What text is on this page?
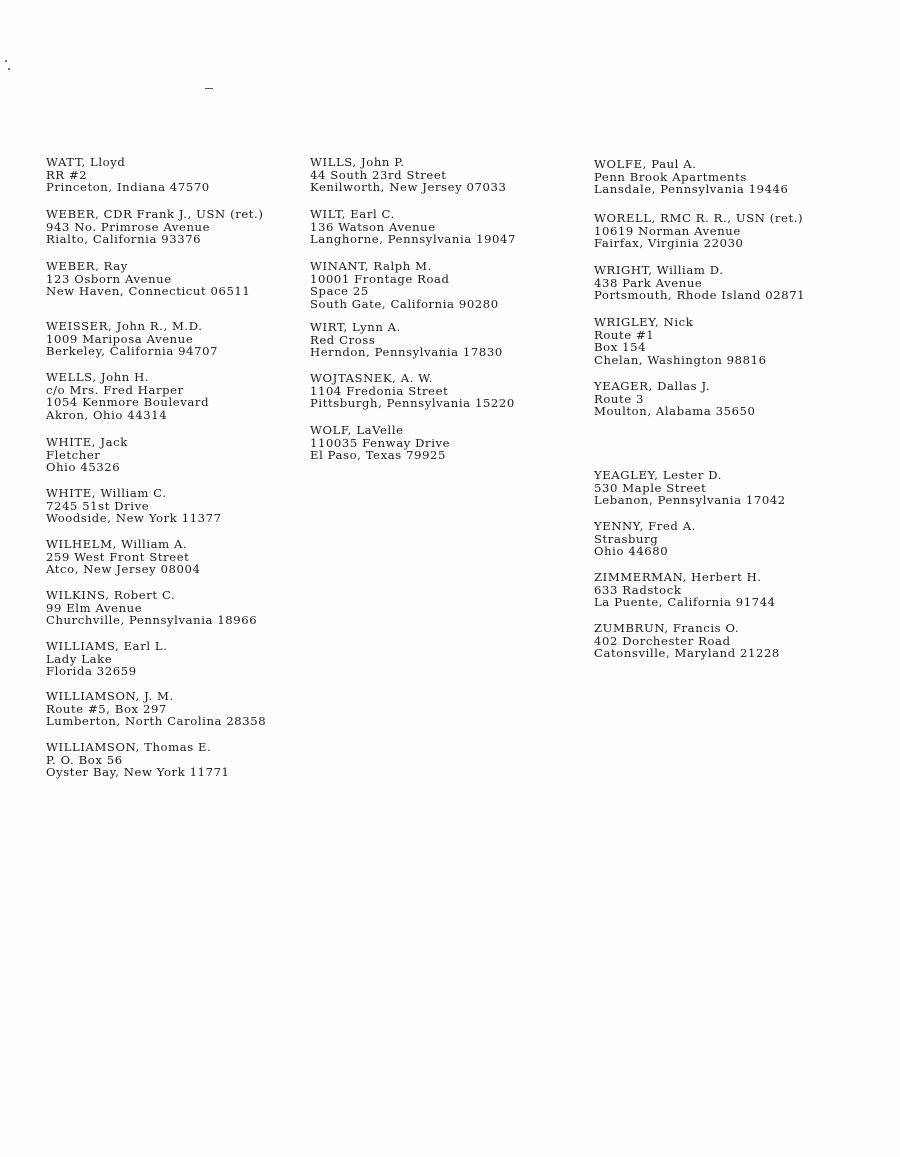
WATT, Lloyd
RR #2
Princeton, Indiana 47570
WEBER, CDR Frank J., USN (ret.)
943 No. Primrose Avenue
Rialto, California 93376
WEBER, Ray
123 Osborn Avenue
New Haven, Connecticut 06511
WEISSER, John R., M.D.
1009 Mariposa Avenue
Berkeley, California 94707
WELLS, John H.
c/o Mrs. Fred Harper
1054 Kenmore Boulevard
Akron, Ohio 44314
WHITE, Jack
Fletcher
Ohio 45326
WHITE, William C.
7245 51st Drive
Woodside, New York 11377
WILHELM, William A.
259 West Front Street
Atco, New Jersey 08004
WILKINS, Robert C.
99 Elm Avenue
Churchville, Pennsylvania 18966
WILLIAMS, Earl L.
Lady Lake
Florida 32659
WILLIAMSON, J. M.
Route #5, Box 297
Lumberton, North Carolina 28358
WILLIAMSON, Thomas E.
P. O. Box 56
Oyster Bay, New York 11771
WILLS, John P.
44 South 23rd Street
Kenilworth, New Jersey 07033
WILT, Earl C.
136 Watson Avenue
Langhorne, Pennsylvania 19047
WINANT, Ralph M.
10001 Frontage Road
Space 25
South Gate, California 90280
WIRT, Lynn A.
Red Cross
Herndon, Pennsylvania 17830
WOJTASNEK, A. W.
1104 Fredonia Street
Pittsburgh, Pennsylvania 15220
WOLF, LaVelle
110035 Fenway Drive
El Paso, Texas 79925
WOLFE, Paul A.
Penn Brook Apartments
Lansdale, Pennsylvania 19446
WORELL, RMC R. R., USN (ret.)
10619 Norman Avenue
Fairfax, Virginia 22030
WRIGHT, William D.
438 Park Avenue
Portsmouth, Rhode Island 02871
WRIGLEY, Nick
Route #1
Box 154
Chelan, Washington 98816
YEAGER, Dallas J.
Route 3
Moulton, Alabama 35650
YEAGLEY, Lester D.
530 Maple Street
Lebanon, Pennsylvania 17042
YENNY, Fred A.
Strasburg
Ohio 44680
ZIMMERMAN, Herbert H.
633 Radstock
La Puente, California 91744
ZUMBRUN, Francis O.
402 Dorchester Road
Catonsville, Maryland 21228
